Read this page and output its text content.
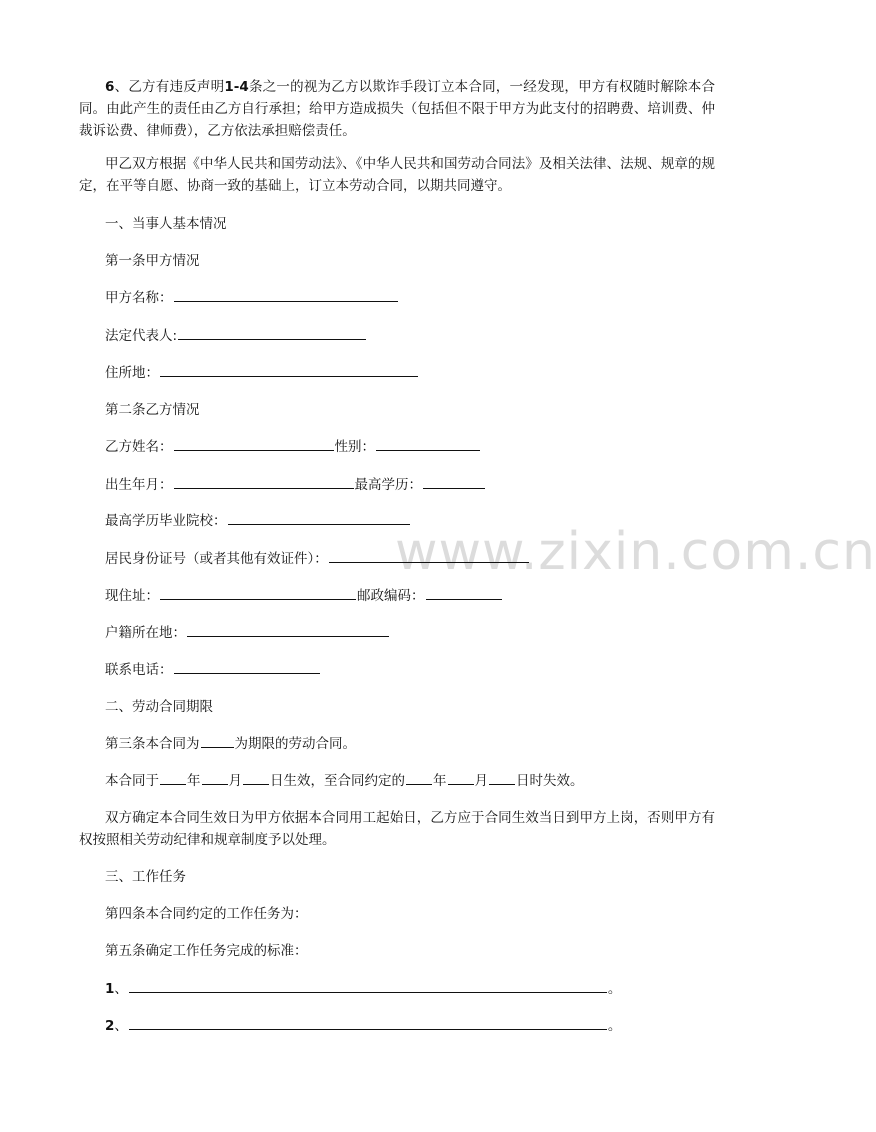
www.zixin.com.cn

6、乙方有违反声明1-4条之一的视为乙方以欺诈手段订立本合同，一经发现，甲方有权随时解除本合同。由此产生的责任由乙方自行承担；给甲方造成损失（包括但不限于甲方为此支付的招聘费、培训费、仲裁诉讼费、律师费），乙方依法承担赔偿责任。

甲乙双方根据《中华人民共和国劳动法》、《中华人民共和国劳动合同法》及相关法律、法规、规章的规定，在平等自愿、协商一致的基础上，订立本劳动合同，以期共同遵守。

一、当事人基本情况

第一条甲方情况

甲方名称：

法定代表人:

住所地：

第二条乙方情况

乙方姓名：	性别：

出生年月：	最高学历：

最高学历毕业院校：

居民身份证号（或者其他有效证件）：

现住址：	邮政编码：

户籍所在地：

联系电话：

二、劳动合同期限

第三条本合同为	为期限的劳动合同。

本合同于 年 月 日生效，至合同约定的 年 月 日时失效。

双方确定本合同生效日为甲方依据本合同用工起始日，乙方应于合同生效当日到甲方上岗，否则甲方有权按照相关劳动纪律和规章制度予以处理。

三、工作任务

第四条本合同约定的工作任务为：

第五条确定工作任务完成的标准：

1、	。

2、	。
